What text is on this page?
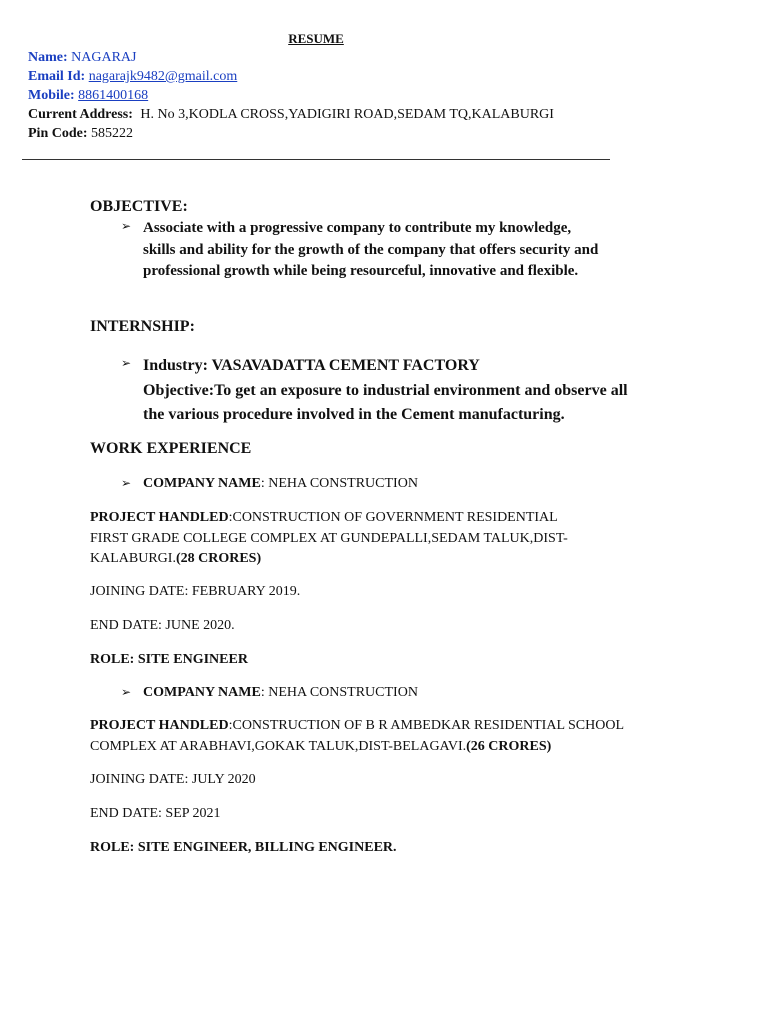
RESUME
Name: NAGARAJ
Email Id: nagarajk9482@gmail.com
Mobile: 8861400168
Current Address: H. No 3,KODLA CROSS,YADIGIRI ROAD,SEDAM TQ,KALABURGI
Pin Code: 585222
OBJECTIVE:
➢ Associate with a progressive company to contribute my knowledge,
skills and ability for the growth of the company that offers security and
professional growth while being resourceful, innovative and flexible.
INTERNSHIP:
➢ Industry: VASAVADATTA CEMENT FACTORY
Objective:To get an exposure to industrial environment and observe all
the various procedure involved in the Cement manufacturing.
WORK EXPERIENCE
➢ COMPANY NAME: NEHA CONSTRUCTION
PROJECT HANDLED:CONSTRUCTION OF GOVERNMENT RESIDENTIAL
FIRST GRADE COLLEGE COMPLEX AT GUNDEPALLI,SEDAM TALUK,DIST-
KALABURGI.(28 CRORES)
JOINING DATE: FEBRUARY 2019.
END DATE: JUNE 2020.
ROLE: SITE ENGINEER
➢ COMPANY NAME: NEHA CONSTRUCTION
PROJECT HANDLED:CONSTRUCTION OF B R AMBEDKAR RESIDENTIAL SCHOOL
COMPLEX AT ARABHAVI,GOKAK TALUK,DIST-BELAGAVI.(26 CRORES)
JOINING DATE: JULY 2020
END DATE: SEP 2021
ROLE: SITE ENGINEER, BILLING ENGINEER.
